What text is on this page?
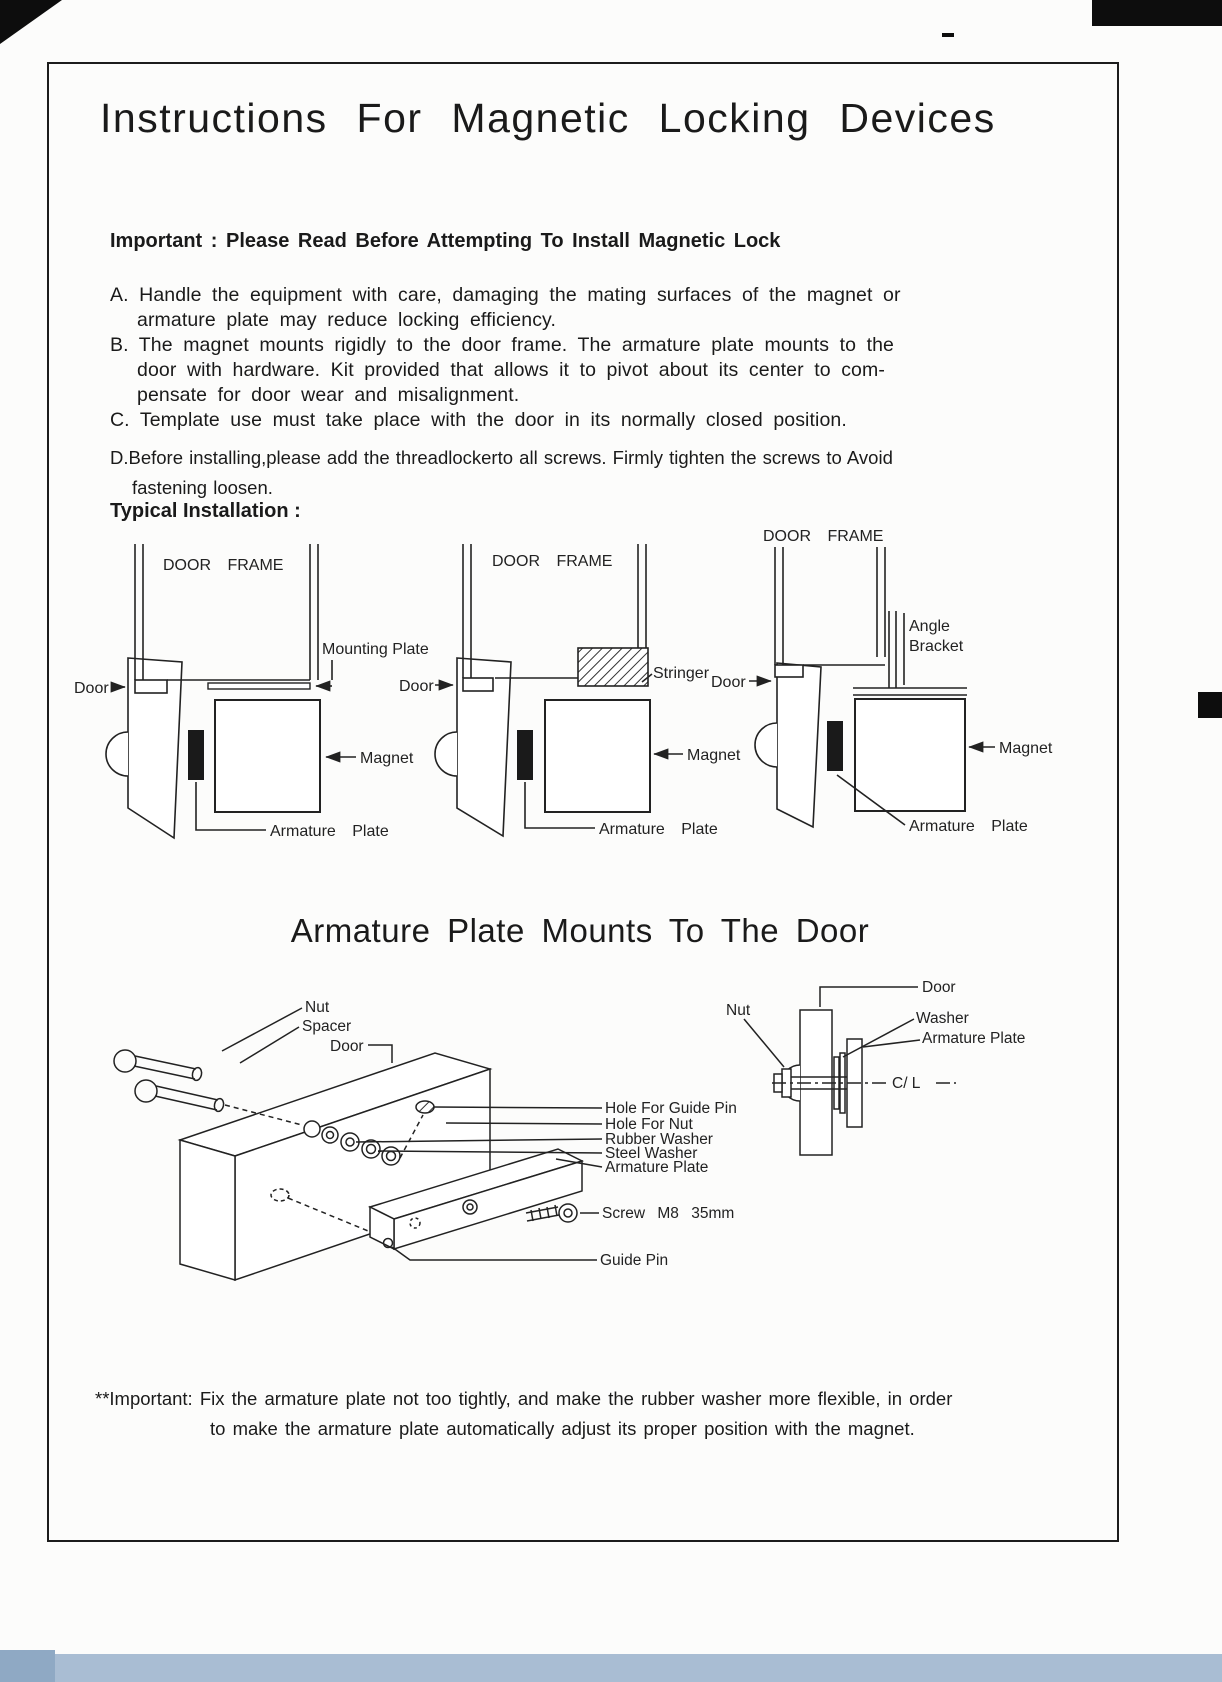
Instructions For Magnetic Locking Devices
Important : Please Read Before Attempting To Install Magnetic Lock
A. Handle the equipment with care, damaging the mating surfaces of the magnet or
armature plate may reduce locking efficiency.
B. The magnet mounts rigidly to the door frame. The armature plate mounts to the
door with hardware. Kit provided that allows it to pivot about its center to com-
pensate for door wear and misalignment.
C. Template use must take place with the door in its normally closed position.
D.Before installing,please add the threadlockerto all screws. Firmly tighten the screws to Avoid
fastening loosen.
Typical Installation :
DOOR FRAME
Door
Mounting Plate
Magnet
Armature Plate
DOOR FRAME
Stringer
Door
Magnet
Armature Plate
DOOR FRAME
Angle
Bracket
Door
Magnet
Armature Plate
Armature Plate Mounts To The Door
Nut
Spacer
Door
Hole For Guide Pin
Hole For Nut
Rubber Washer
Steel Washer
Armature Plate
Screw M8 35mm
Guide Pin
Door
Nut	Washer
Armature Plate
C/ L
**Important: Fix the armature plate not too tightly, and make the rubber washer more flexible, in order
to make the armature plate automatically adjust its proper position with the magnet.
